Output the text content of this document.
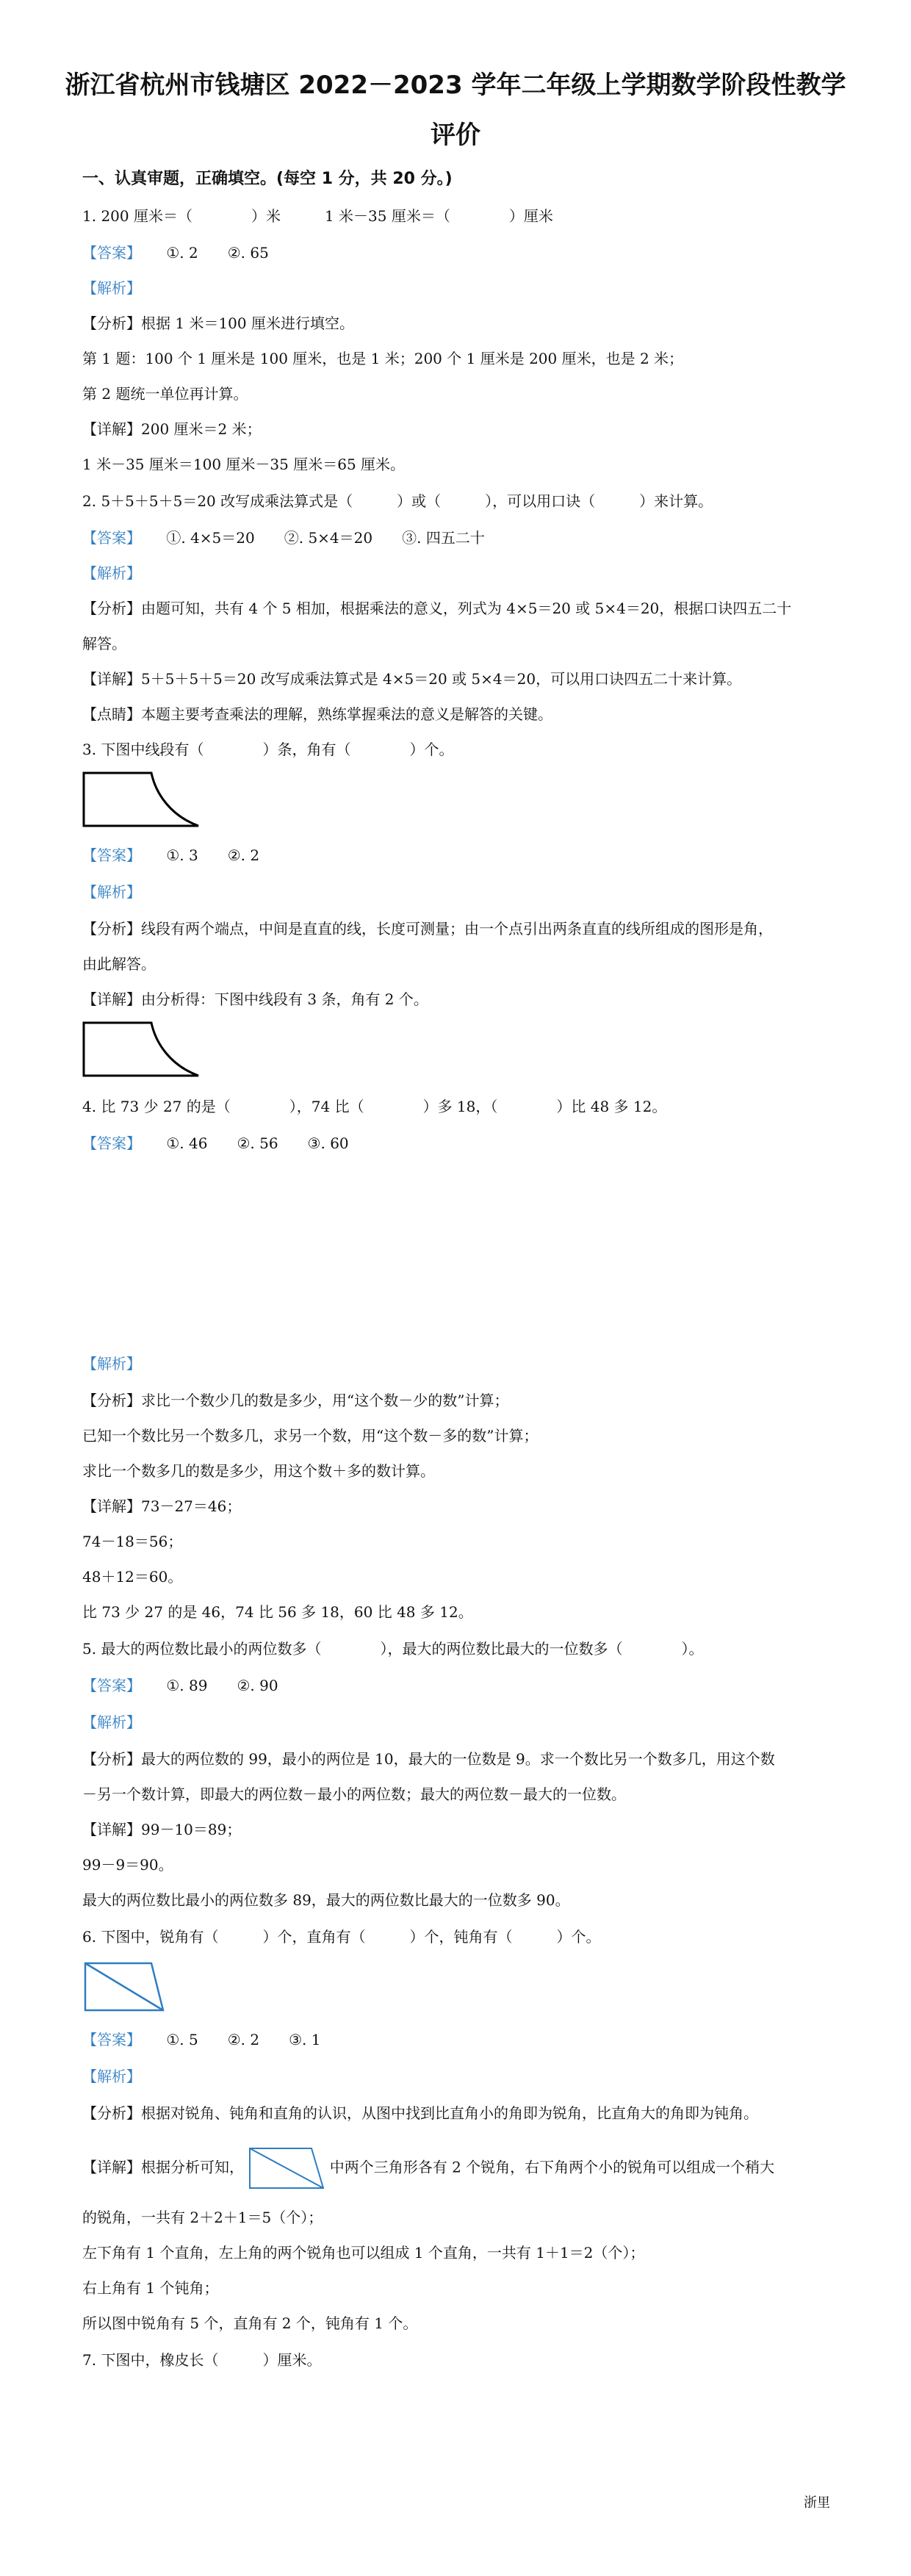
浙江省杭州市钱塘区 2022－2023 学年二年级上学期数学阶段性教学
评价
一、认真审题，正确填空。(每空 1 分，共 20 分。)
1. 200 厘米＝（　　　　）米　　　1 米－35 厘米＝（　　　　）厘米
【答案】 ①. 2　　②. 65
【解析】
【分析】根据 1 米＝100 厘米进行填空。
第 1 题：100 个 1 厘米是 100 厘米，也是 1 米；200 个 1 厘米是 200 厘米，也是 2 米；
第 2 题统一单位再计算。
【详解】200 厘米＝2 米；
1 米－35 厘米＝100 厘米－35 厘米＝65 厘米。
2. 5＋5＋5＋5＝20 改写成乘法算式是（　　　）或（　　　），可以用口诀（　　　）来计算。
【答案】 ①. 4×5＝20　　②. 5×4＝20　　③. 四五二十
【解析】
【分析】由题可知，共有 4 个 5 相加，根据乘法的意义，列式为 4×5＝20 或 5×4＝20，根据口诀四五二十
解答。
【详解】5＋5＋5＋5＝20 改写成乘法算式是 4×5＝20 或 5×4＝20，可以用口诀四五二十来计算。
【点睛】本题主要考查乘法的理解，熟练掌握乘法的意义是解答的关键。
3. 下图中线段有（　　　　）条，角有（　　　　）个。
【答案】 ①. 3　　②. 2
【解析】
【分析】线段有两个端点，中间是直直的线，长度可测量；由一个点引出两条直直的线所组成的图形是角，
由此解答。
【详解】由分析得：下图中线段有 3 条，角有 2 个。
4. 比 73 少 27 的是（　　　　），74 比（　　　　）多 18，（　　　　）比 48 多 12。
【答案】 ①. 46　　②. 56　　③. 60
【解析】
【分析】求比一个数少几的数是多少，用“这个数－少的数”计算；
已知一个数比另一个数多几，求另一个数，用“这个数－多的数”计算；
求比一个数多几的数是多少，用这个数＋多的数计算。
【详解】73－27＝46；
74－18＝56；
48＋12＝60。
比 73 少 27 的是 46，74 比 56 多 18，60 比 48 多 12。
5. 最大的两位数比最小的两位数多（　　　　），最大的两位数比最大的一位数多（　　　　）。
【答案】 ①. 89　　②. 90
【解析】
【分析】最大的两位数的 99，最小的两位是 10，最大的一位数是 9。求一个数比另一个数多几，用这个数
－另一个数计算，即最大的两位数－最小的两位数；最大的两位数－最大的一位数。
【详解】99－10＝89；
99－9＝90。
最大的两位数比最小的两位数多 89，最大的两位数比最大的一位数多 90。
6. 下图中，锐角有（　　　）个，直角有（　　　）个，钝角有（　　　）个。
【答案】 ①. 5　　②. 2　　③. 1
【解析】
【分析】根据对锐角、钝角和直角的认识，从图中找到比直角小的角即为锐角，比直角大的角即为钝角。
【详解】根据分析可知，	中两个三角形各有 2 个锐角，右下角两个小的锐角可以组成一个稍大
的锐角，一共有 2＋2＋1＝5（个）；
左下角有 1 个直角，左上角的两个锐角也可以组成 1 个直角，一共有 1＋1＝2（个）；
右上角有 1 个钝角；
所以图中锐角有 5 个，直角有 2 个，钝角有 1 个。
7. 下图中，橡皮长（　　　）厘米。
浙里
